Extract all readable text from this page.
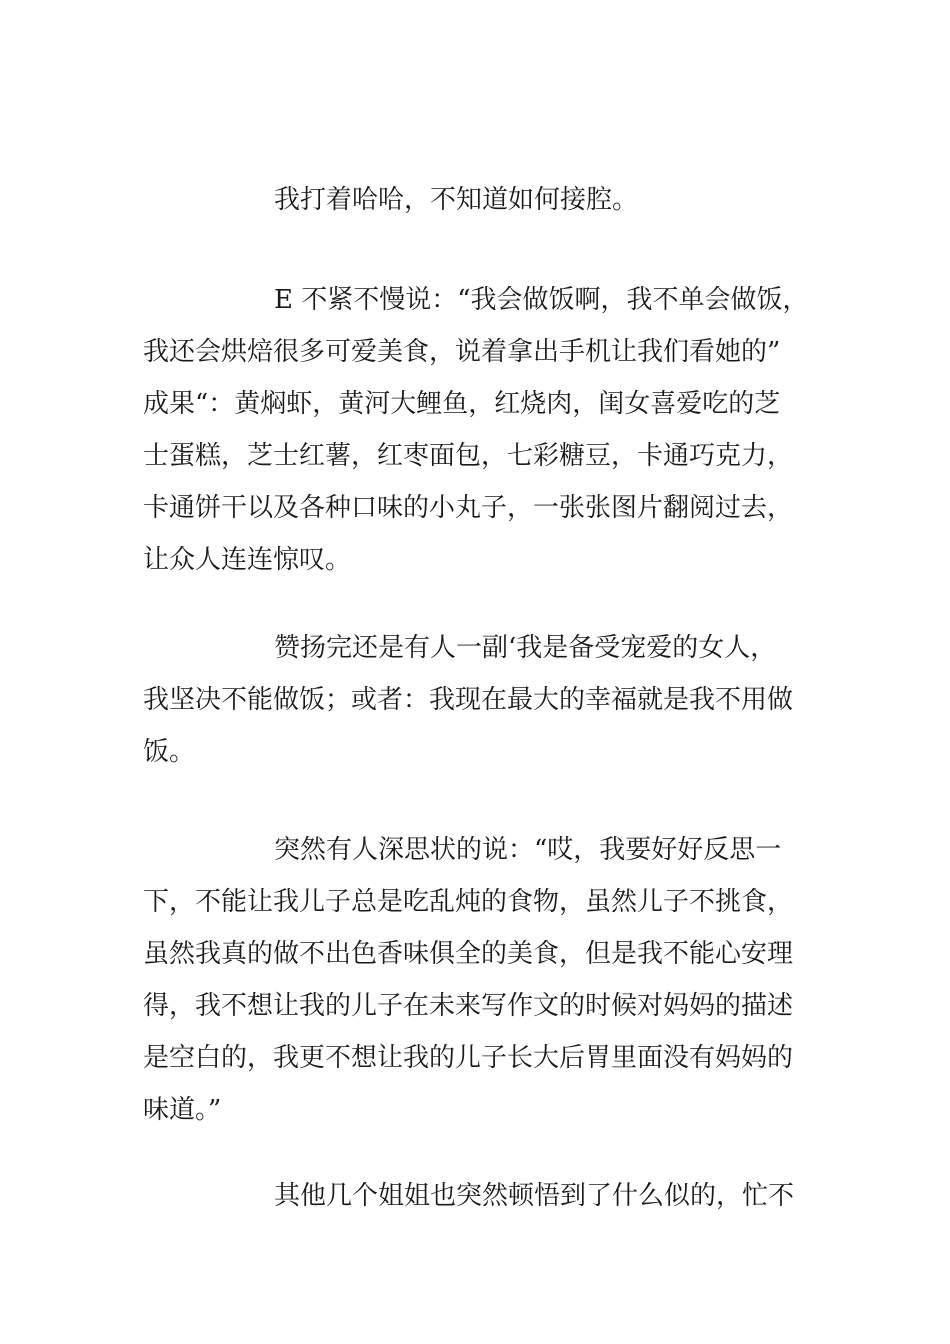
我打着哈哈，不知道如何接腔。
E 不紧不慢说：“我会做饭啊，我不单会做饭，
我还会烘焙很多可爱美食，说着拿出手机让我们看她的”
成果“：黄焖虾，黄河大鲤鱼，红烧肉，闺女喜爱吃的芝
士蛋糕，芝士红薯，红枣面包，七彩糖豆，卡通巧克力，
卡通饼干以及各种口味的小丸子，一张张图片翻阅过去，
让众人连连惊叹。
赞扬完还是有人一副‘我是备受宠爱的女人，
我坚决不能做饭；或者：我现在最大的幸福就是我不用做
饭。
突然有人深思状的说：“哎，我要好好反思一
下，不能让我儿子总是吃乱炖的食物，虽然儿子不挑食，
虽然我真的做不出色香味俱全的美食，但是我不能心安理
得，我不想让我的儿子在未来写作文的时候对妈妈的描述
是空白的，我更不想让我的儿子长大后胃里面没有妈妈的
味道。”
其他几个姐姐也突然顿悟到了什么似的，忙不
